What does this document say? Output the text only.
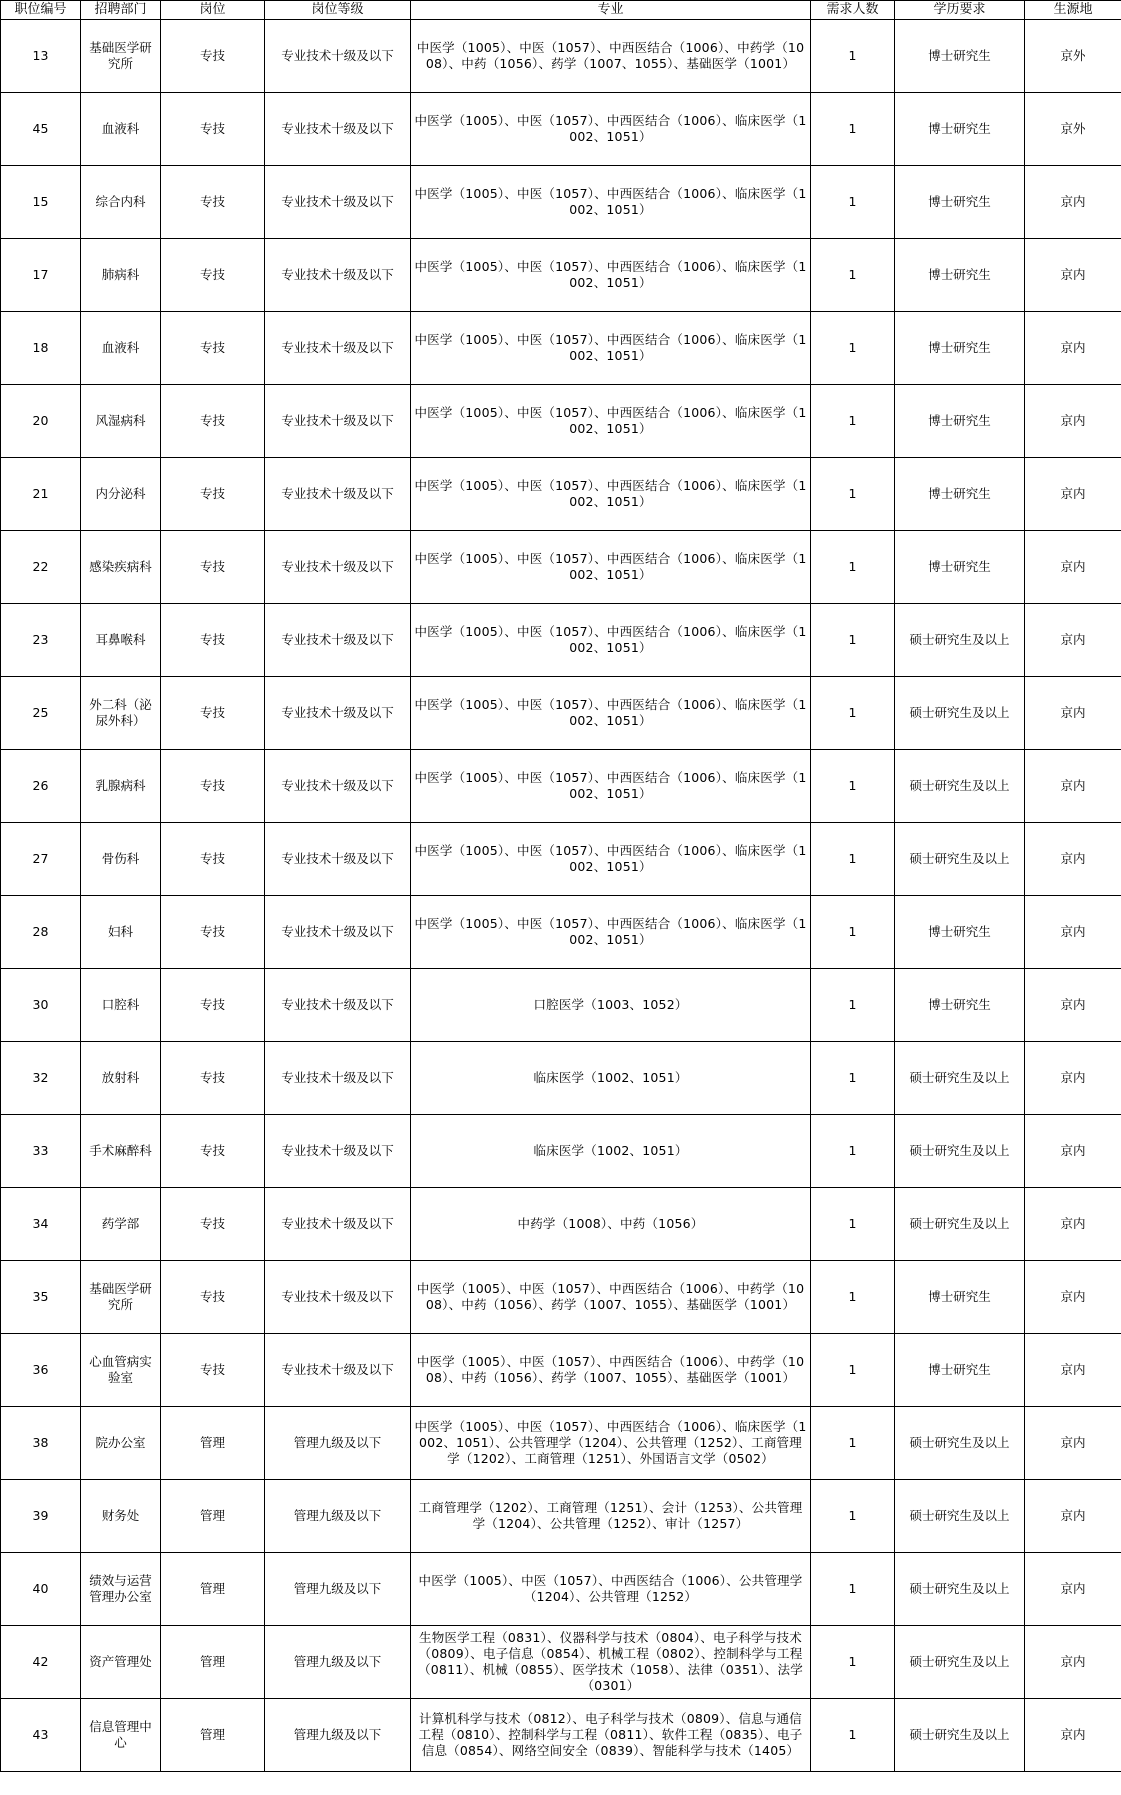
职位编号	招聘部门	岗位	岗位等级	专业	需求人数	学历要求	生源地
13	基础医学研究所	专技	专业技术十级及以下	中医学（1005）、中医（1057）、中西医结合（1006）、中药学（1008）、中药（1056）、药学（1007、1055）、基础医学（1001）	1	博士研究生	京外
45	血液科	专技	专业技术十级及以下	中医学（1005）、中医（1057）、中西医结合（1006）、临床医学（1002、1051）	1	博士研究生	京外
15	综合内科	专技	专业技术十级及以下	中医学（1005）、中医（1057）、中西医结合（1006）、临床医学（1002、1051）	1	博士研究生	京内
17	肺病科	专技	专业技术十级及以下	中医学（1005）、中医（1057）、中西医结合（1006）、临床医学（1002、1051）	1	博士研究生	京内
18	血液科	专技	专业技术十级及以下	中医学（1005）、中医（1057）、中西医结合（1006）、临床医学（1002、1051）	1	博士研究生	京内
20	风湿病科	专技	专业技术十级及以下	中医学（1005）、中医（1057）、中西医结合（1006）、临床医学（1002、1051）	1	博士研究生	京内
21	内分泌科	专技	专业技术十级及以下	中医学（1005）、中医（1057）、中西医结合（1006）、临床医学（1002、1051）	1	博士研究生	京内
22	感染疾病科	专技	专业技术十级及以下	中医学（1005）、中医（1057）、中西医结合（1006）、临床医学（1002、1051）	1	博士研究生	京内
23	耳鼻喉科	专技	专业技术十级及以下	中医学（1005）、中医（1057）、中西医结合（1006）、临床医学（1002、1051）	1	硕士研究生及以上	京内
25	外二科（泌尿外科）	专技	专业技术十级及以下	中医学（1005）、中医（1057）、中西医结合（1006）、临床医学（1002、1051）	1	硕士研究生及以上	京内
26	乳腺病科	专技	专业技术十级及以下	中医学（1005）、中医（1057）、中西医结合（1006）、临床医学（1002、1051）	1	硕士研究生及以上	京内
27	骨伤科	专技	专业技术十级及以下	中医学（1005）、中医（1057）、中西医结合（1006）、临床医学（1002、1051）	1	硕士研究生及以上	京内
28	妇科	专技	专业技术十级及以下	中医学（1005）、中医（1057）、中西医结合（1006）、临床医学（1002、1051）	1	博士研究生	京内
30	口腔科	专技	专业技术十级及以下	口腔医学（1003、1052）	1	博士研究生	京内
32	放射科	专技	专业技术十级及以下	临床医学（1002、1051）	1	硕士研究生及以上	京内
33	手术麻醉科	专技	专业技术十级及以下	临床医学（1002、1051）	1	硕士研究生及以上	京内
34	药学部	专技	专业技术十级及以下	中药学（1008）、中药（1056）	1	硕士研究生及以上	京内
35	基础医学研究所	专技	专业技术十级及以下	中医学（1005）、中医（1057）、中西医结合（1006）、中药学（1008）、中药（1056）、药学（1007、1055）、基础医学（1001）	1	博士研究生	京内
36	心血管病实验室	专技	专业技术十级及以下	中医学（1005）、中医（1057）、中西医结合（1006）、中药学（1008）、中药（1056）、药学（1007、1055）、基础医学（1001）	1	博士研究生	京内
38	院办公室	管理	管理九级及以下	中医学（1005）、中医（1057）、中西医结合（1006）、临床医学（1002、1051）、公共管理学（1204）、公共管理（1252）、工商管理学（1202）、工商管理（1251）、外国语言文学（0502）	1	硕士研究生及以上	京内
39	财务处	管理	管理九级及以下	工商管理学（1202）、工商管理（1251）、会计（1253）、公共管理学（1204）、公共管理（1252）、审计（1257）	1	硕士研究生及以上	京内
40	绩效与运营管理办公室	管理	管理九级及以下	中医学（1005）、中医（1057）、中西医结合（1006）、公共管理学（1204）、公共管理（1252）	1	硕士研究生及以上	京内
42	资产管理处	管理	管理九级及以下	生物医学工程（0831）、仪器科学与技术（0804）、电子科学与技术（0809）、电子信息（0854）、机械工程（0802）、控制科学与工程（0811）、机械（0855）、医学技术（1058）、法律（0351）、法学（0301）	1	硕士研究生及以上	京内
43	信息管理中心	管理	管理九级及以下	计算机科学与技术（0812）、电子科学与技术（0809）、信息与通信工程（0810）、控制科学与工程（0811）、软件工程（0835）、电子信息（0854）、网络空间安全（0839）、智能科学与技术（1405）	1	硕士研究生及以上	京内
